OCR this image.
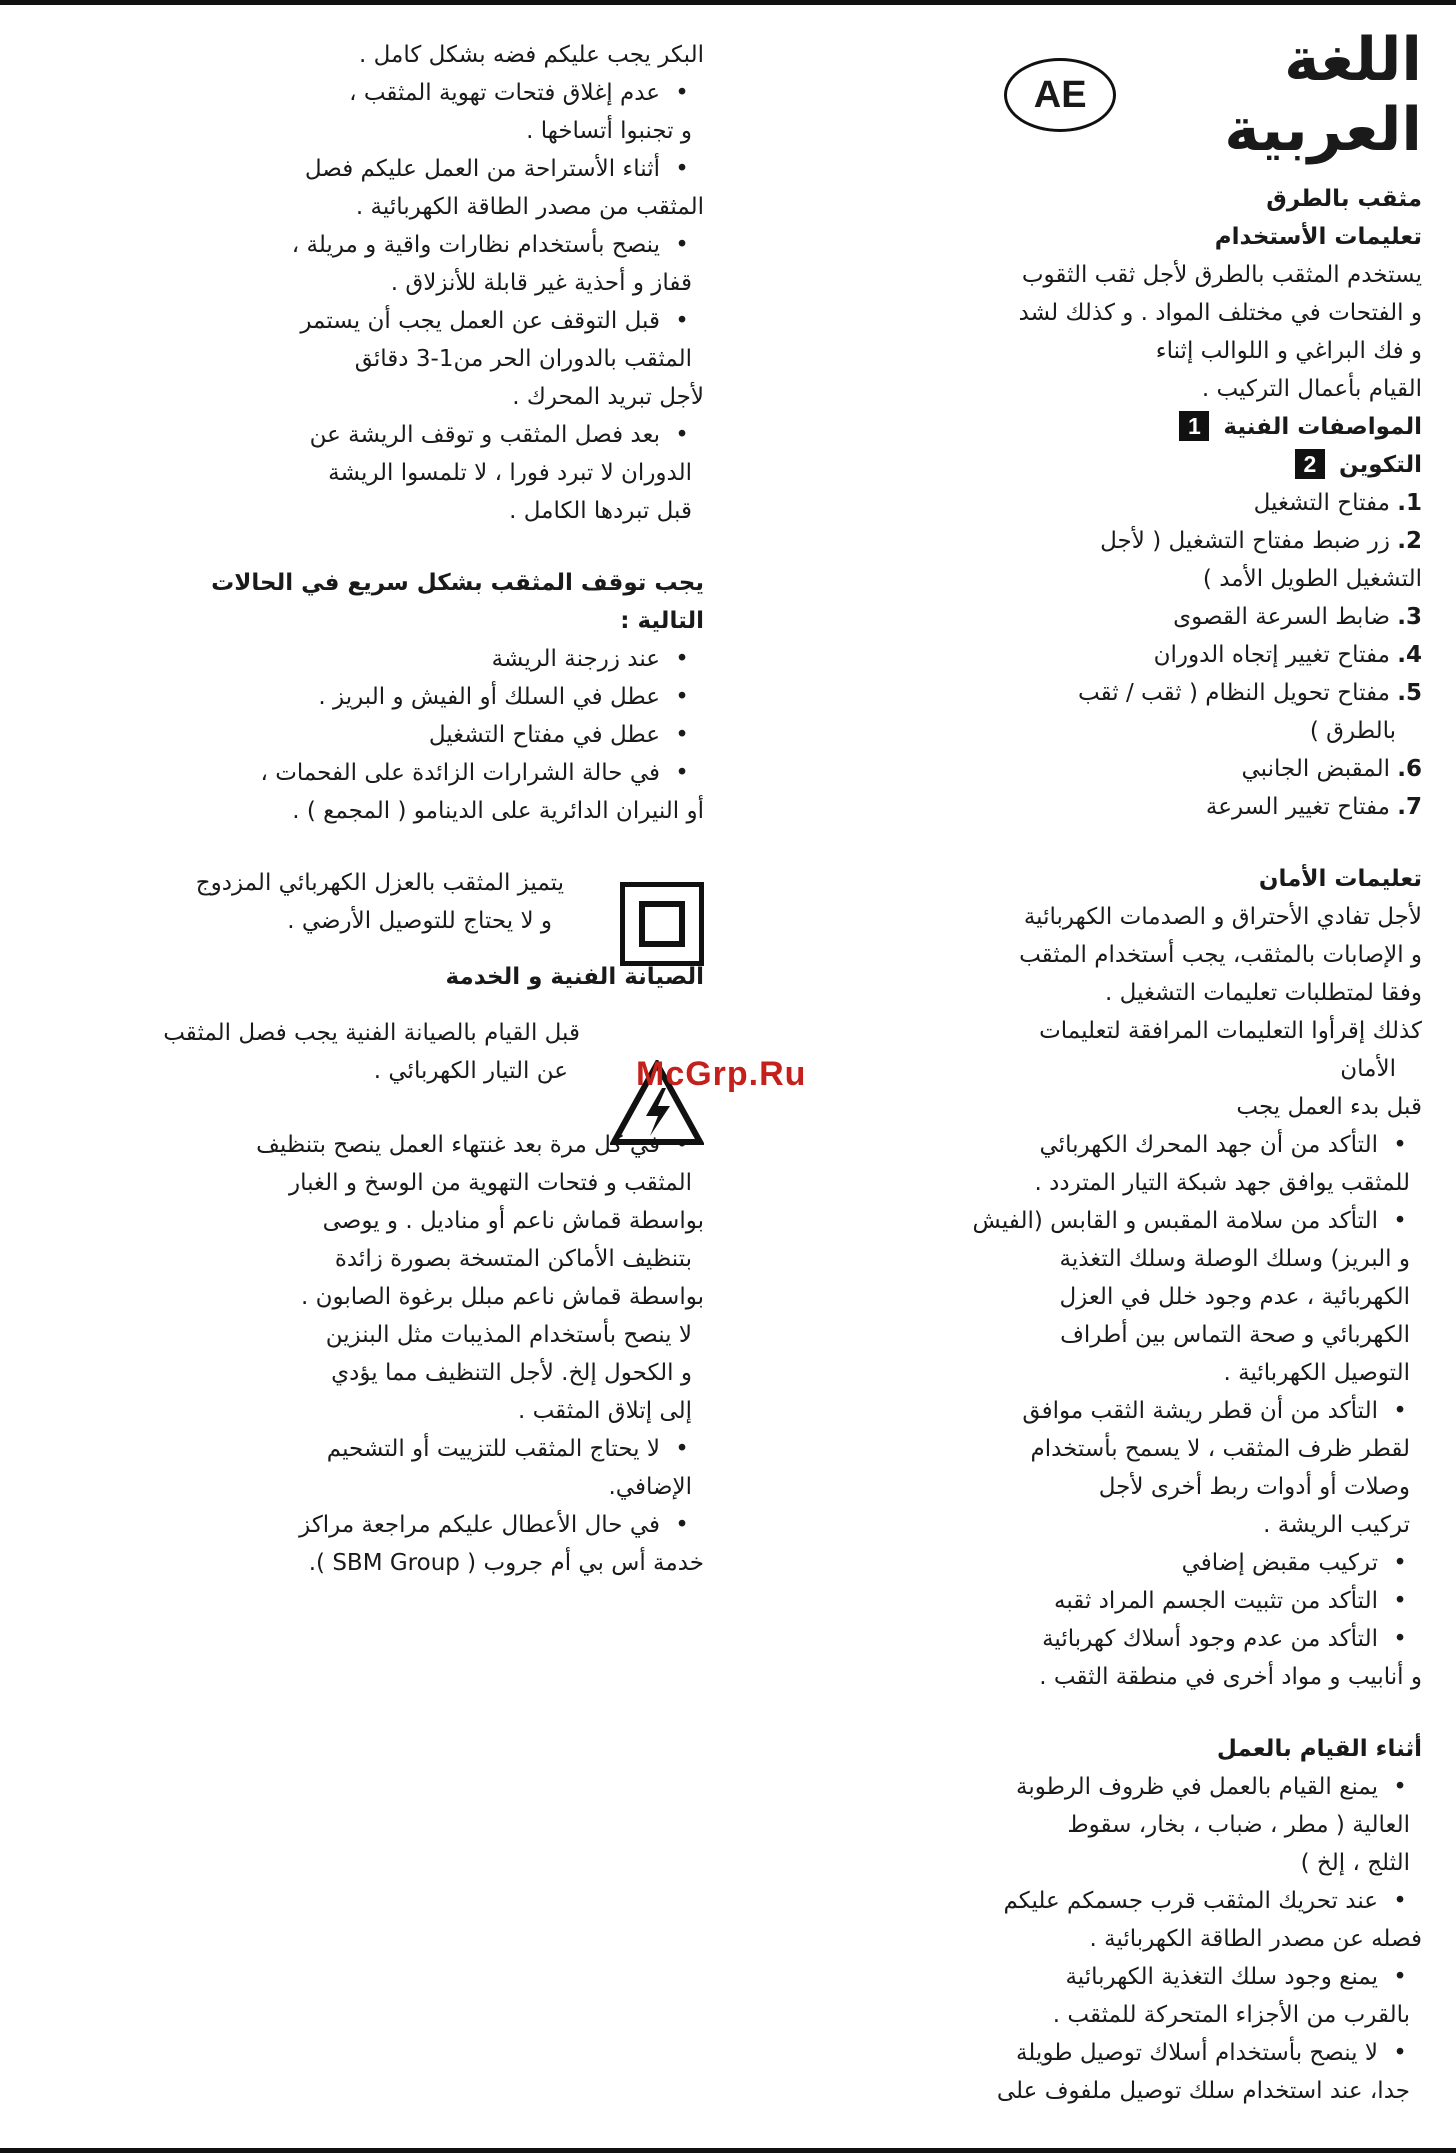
اللغة العربية
AE
مثقب بالطرق
تعليمات الأستخدام
يستخدم المثقب بالطرق لأجل ثقب الثقوب
و الفتحات في مختلف المواد . و كذلك لشد
و فك البراغي و اللوالب إثناء
القيام بأعمال التركيب .
المواصفات الفنية 1
التكوين 2
1.مفتاح التشغيل
2.زر ضبط مفتاح التشغيل ( لأجل
التشغيل الطويل الأمد )
3.ضابط السرعة القصوى
4.مفتاح تغيير إتجاه الدوران
5.مفتاح تحويل النظام ( ثقب / ثقب
بالطرق )
6.المقبض الجانبي
7.مفتاح تغيير السرعة
تعليمات الأمان
لأجل تفادي الأحتراق و الصدمات الكهربائية
و الإصابات بالمثقب، يجب أستخدام المثقب
وفقا لمتطلبات تعليمات التشغيل .
كذلك إقرأوا التعليمات المرافقة لتعليمات
الأمان
قبل بدء العمل يجب
•التأكد من أن جهد المحرك الكهربائي
للمثقب يوافق جهد شبكة التيار المتردد .
•التأكد من سلامة المقبس و القابس (الفيش
و البريز) وسلك الوصلة وسلك التغذية
الكهربائية ، عدم وجود خلل في العزل
الكهربائي و صحة التماس بين أطراف
التوصيل الكهربائية .
•التأكد من أن قطر ريشة الثقب موافق
لقطر ظرف المثقب ، لا يسمح بأستخدام
وصلات أو أدوات ربط أخرى لأجل
تركيب الريشة .
•تركيب مقبض إضافي
•التأكد من تثبيت الجسم المراد ثقبه
•التأكد من عدم وجود أسلاك كهربائية
و أنابيب و مواد أخرى في منطقة الثقب .
أثناء القيام بالعمل
•يمنع القيام بالعمل في ظروف الرطوبة
العالية ( مطر ، ضباب ، بخار، سقوط
الثلج ، إلخ )
•عند تحريك المثقب قرب جسمكم عليكم
فصله عن مصدر الطاقة الكهربائية .
•يمنع وجود سلك التغذية الكهربائية
بالقرب من الأجزاء المتحركة للمثقب .
•لا ينصح بأستخدام أسلاك توصيل طويلة
جدا، عند استخدام سلك توصيل ملفوف على
البكر يجب عليكم فضه بشكل كامل .
•عدم إغلاق فتحات تهوية المثقب ،
و تجنبوا أتساخها .
•أثناء الأستراحة من العمل عليكم فصل
المثقب من مصدر الطاقة الكهربائية .
•ينصح بأستخدام نظارات واقية و مريلة ،
قفاز و أحذية غير قابلة للأنزلاق .
•قبل التوقف عن العمل يجب أن يستمر
المثقب بالدوران الحر من1-3 دقائق
لأجل تبريد المحرك .
•بعد فصل المثقب و توقف الريشة عن
الدوران لا تبرد فورا ، لا تلمسوا الريشة
قبل تبردها الكامل .
يجب توقف المثقب بشكل سريع في الحالات
التالية :
•عند زرجنة الريشة
•عطل في السلك أو الفيش و البريز .
•عطل في مفتاح التشغيل
•في حالة الشرارات الزائدة على الفحمات ،
أو النيران الدائرية على الدينامو ( المجمع ) .
يتميز المثقب بالعزل الكهربائي المزدوج
و لا يحتاج للتوصيل الأرضي .
الصيانة الفنية و الخدمة
قبل القيام بالصيانة الفنية يجب فصل المثقب
عن التيار الكهربائي .
•في كل مرة بعد غنتهاء العمل ينصح بتنظيف
المثقب و فتحات التهوية من الوسخ و الغبار
بواسطة قماش ناعم أو مناديل . و يوصى
بتنظيف الأماكن المتسخة بصورة زائدة
بواسطة قماش ناعم مبلل برغوة الصابون .
لا ينصح بأستخدام المذيبات مثل البنزين
و الكحول إلخ. لأجل التنظيف مما يؤدي
إلى إتلاق المثقب .
•لا يحتاج المثقب للتزييت أو التشحيم
الإضافي.
•في حال الأعطال عليكم مراجعة مراكز
خدمة أس بي أم جروب ( SBM Group ).
McGrp.Ru
